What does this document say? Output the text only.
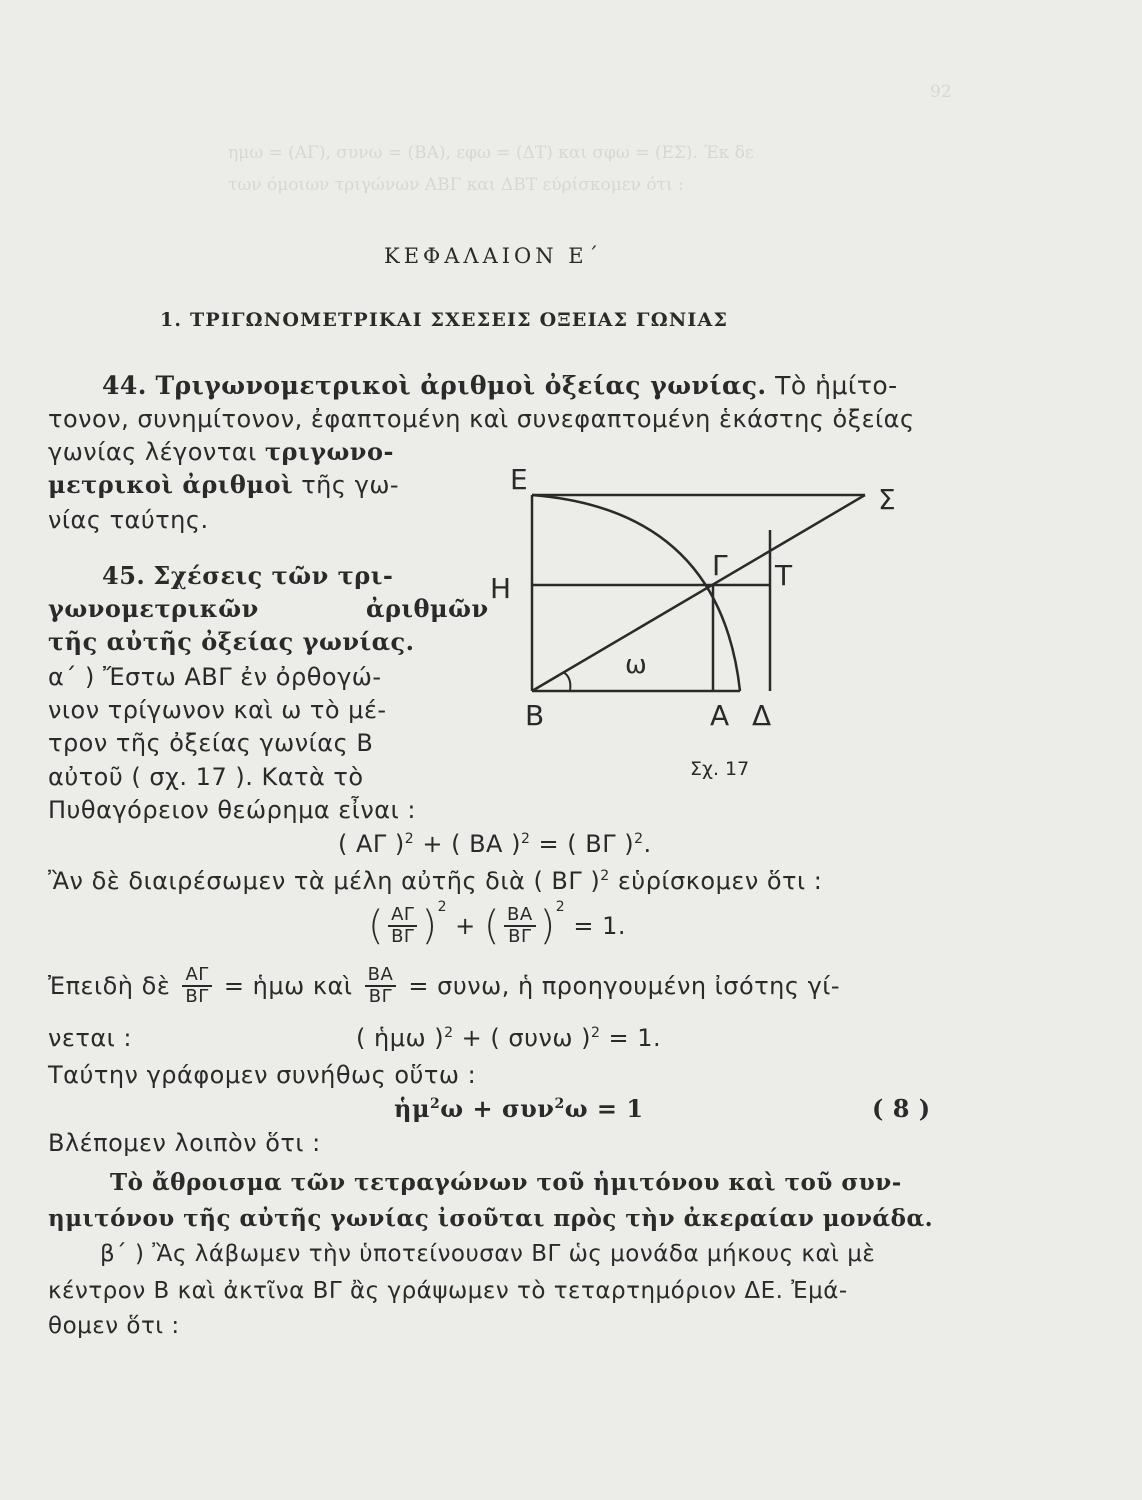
92
ημω = (ΑΓ), συνω = (ΒΑ), εφω = (ΔΤ) και σφω = (ΕΣ). Έκ δε
των όμοιων τριγώνων ΑΒΓ και ΔΒΤ εύρίσκομεν ότι :
ΚΕΦΑΛΑΙΟΝ Ε΄
1. ΤΡΙΓΩΝΟΜΕΤΡΙΚΑΙ ΣΧΕΣΕΙΣ ΟΞΕΙΑΣ ΓΩΝΙΑΣ
44. Τριγωνομετρικοὶ ἀριθμοὶ ὀξείας γωνίας. Τὸ ἡμίτο-
τονον, συνημίτονον, ἐφαπτομένη καὶ συνεφαπτομένη ἑκάστης ὀξείας
γωνίας λέγονται τριγωνο-
μετρικοὶ ἀριθμοὶ τῆς γω-
νίας ταύτης.
45. Σχέσεις τῶν τρι-
γωνομετρικῶν	ἀριθμῶν
τῆς αὐτῆς ὀξείας γωνίας.
α΄ ) Ἔστω ΑΒΓ ἐν ὀρθογώ-
νιον τρίγωνον καὶ ω τὸ μέ-
τρον τῆς ὀξείας γωνίας Β
αὐτοῦ ( σχ. 17 ). Κατὰ τὸ
Πυθαγόρειον θεώρημα εἶναι :
Ε
Σ
Η
Γ Τ
Β	Α Δ
ω
Σχ. 17
( ΑΓ )$^2$ + ( ΒΑ )$^2$ = ( ΒΓ )$^2$.
Ἂν δὲ διαιρέσωμεν τὰ μέλη αὐτῆς διὰ ( ΒΓ )$^2$ εὑρίσκομεν ὅτι :
( $\frac{A\Gamma}{B\Gamma} )^2$ + ( $\frac{BA}{B\Gamma} )^2 = 1$.
Ἐπειδὴ δὲ $\frac{A\Gamma}{B\Gamma}$ = ἡμω καὶ $\frac{BA}{B\Gamma} = \sigma\upsilon\nu\omega$, ἡ προηγουμένη ἰσότης γί-
νεται :	( ἡμω )$^2$ + ( συνω )$^2$ = 1.
Ταύτην γράφομεν συνήθως οὕτω :
ἡμ$^2$ω + συν$^2$ω = 1	( 8 )
Βλέπομεν λοιπὸν ὅτι :
Τὸ ἄθροισμα τῶν τετραγώνων τοῦ ἡμιτόνου καὶ τοῦ συν-
ημιτόνου τῆς αὐτῆς γωνίας ἰσοῦται πρὸς τὴν ἀκεραίαν μονάδα.
β΄ ) Ἂς λάβωμεν τὴν ὑποτείνουσαν ΒΓ ὡς μονάδα μήκους καὶ μὲ
κέντρον Β καὶ ἀκτῖνα ΒΓ ἂς γράψωμεν τὸ τεταρτημόριον ΔΕ. Ἐμά-
θομεν ὅτι :
